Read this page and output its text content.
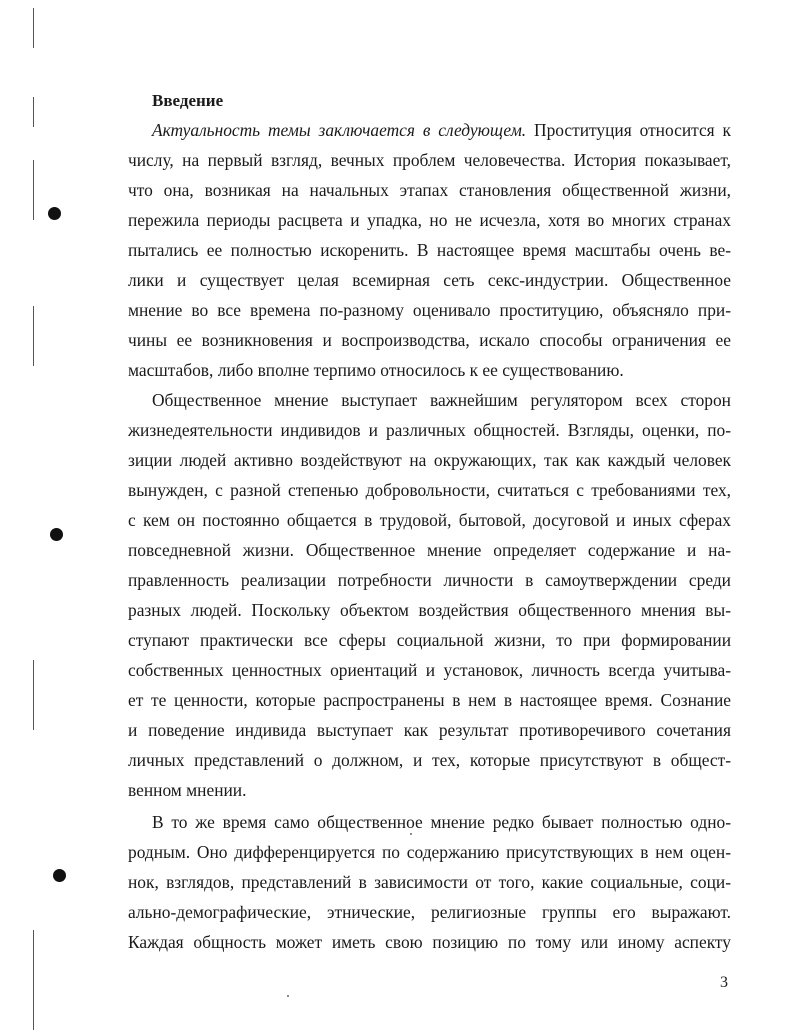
Введение
Актуальность темы заключается в следующем. Проституция относится к
числу, на первый взгляд, вечных проблем человечества. История показывает,
что она, возникая на начальных этапах становления общественной жизни,
пережила периоды расцвета и упадка, но не исчезла, хотя во многих странах
пытались ее полностью искоренить. В настоящее время масштабы очень ве-
лики и существует целая всемирная сеть секс-индустрии. Общественное
мнение во все времена по-разному оценивало проституцию, объясняло при-
чины ее возникновения и воспроизводства, искало способы ограничения ее
масштабов, либо вполне терпимо относилось к ее существованию.
Общественное мнение выступает важнейшим регулятором всех сторон
жизнедеятельности индивидов и различных общностей. Взгляды, оценки, по-
зиции людей активно воздействуют на окружающих, так как каждый человек
вынужден, с разной степенью добровольности, считаться с требованиями тех,
с кем он постоянно общается в трудовой, бытовой, досуговой и иных сферах
повседневной жизни. Общественное мнение определяет содержание и на-
правленность реализации потребности личности в самоутверждении среди
разных людей. Поскольку объектом воздействия общественного мнения вы-
ступают практически все сферы социальной жизни, то при формировании
собственных ценностных ориентаций и установок, личность всегда учитыва-
ет те ценности, которые распространены в нем в настоящее время. Сознание
и поведение индивида выступает как результат противоречивого сочетания
личных представлений о должном, и тех, которые присутствуют в общест-
венном мнении.
В то же время само общественное мнение редко бывает полностью одно-
родным. Оно дифференцируется по содержанию присутствующих в нем оцен-
нок, взглядов, представлений в зависимости от того, какие социальные, соци-
ально-демографические, этнические, религиозные группы его выражают.
Каждая общность может иметь свою позицию по тому или иному аспекту
3
